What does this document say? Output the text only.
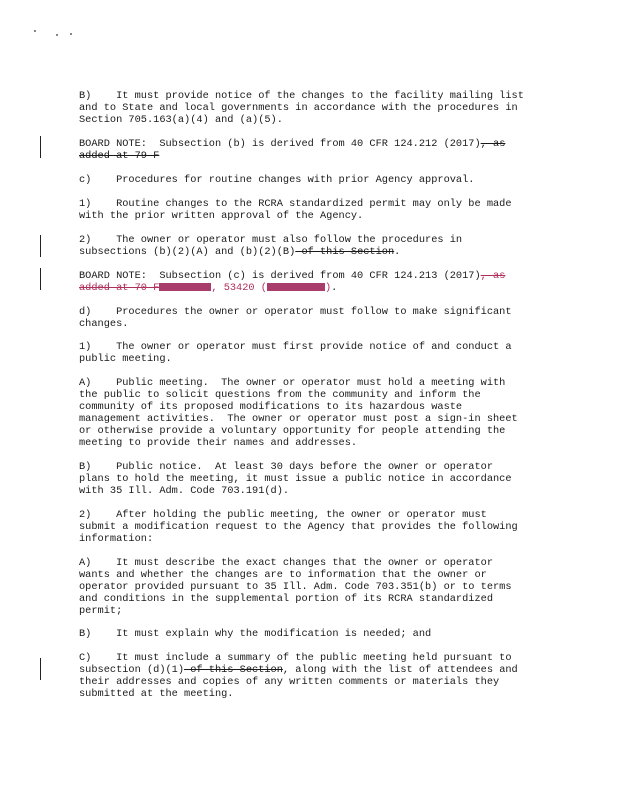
B)    It must provide notice of the changes to the facility mailing list
and to State and local governments in accordance with the procedures in
Section 705.163(a)(4) and (a)(5).

BOARD NOTE:  Subsection (b) is derived from 40 CFR 124.212 (2017), as
added at 79 F

c)    Procedures for routine changes with prior Agency approval.

1)    Routine changes to the RCRA standardized permit may only be made
with the prior written approval of the Agency.

2)    The owner or operator must also follow the procedures in
subsections (b)(2)(A) and (b)(2)(B) of this Section.

BOARD NOTE:  Subsection (c) is derived from 40 CFR 124.213 (2017), as
added at 70 F	, 53420 (	).

d)    Procedures the owner or operator must follow to make significant
changes.

1)    The owner or operator must first provide notice of and conduct a
public meeting.

A)    Public meeting.  The owner or operator must hold a meeting with
the public to solicit questions from the community and inform the
community of its proposed modifications to its hazardous waste
management activities.  The owner or operator must post a sign-in sheet
or otherwise provide a voluntary opportunity for people attending the
meeting to provide their names and addresses.

B)    Public notice.  At least 30 days before the owner or operator
plans to hold the meeting, it must issue a public notice in accordance
with 35 Ill. Adm. Code 703.191(d).

2)    After holding the public meeting, the owner or operator must
submit a modification request to the Agency that provides the following
information:

A)    It must describe the exact changes that the owner or operator
wants and whether the changes are to information that the owner or
operator provided pursuant to 35 Ill. Adm. Code 703.351(b) or to terms
and conditions in the supplemental portion of its RCRA standardized
permit;

B)    It must explain why the modification is needed; and

C)    It must include a summary of the public meeting held pursuant to
subsection (d)(1) of this Section, along with the list of attendees and
their addresses and copies of any written comments or materials they
submitted at the meeting.
